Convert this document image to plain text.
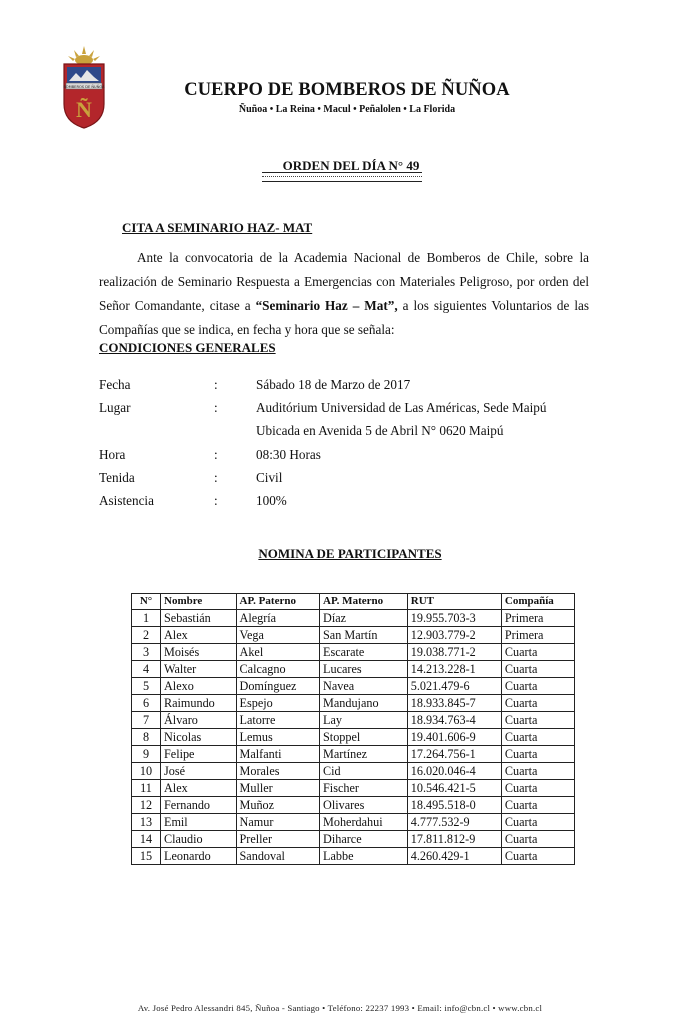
BOMBEROS DE ÑUÑOA
Ñ
CUERPO DE BOMBEROS DE ÑUÑOA
Ñuñoa • La Reina • Macul • Peñalolen • La Florida
ORDEN DEL DÍA N° 49
CITA A SEMINARIO HAZ- MAT
Ante la convocatoria de la Academia Nacional de Bomberos de Chile, sobre la realización de Seminario Respuesta a Emergencias con Materiales Peligroso, por orden del Señor Comandante, citase a “Seminario Haz – Mat”, a los siguientes Voluntarios de las Compañías que se indica, en fecha y hora que se señala:
CONDICIONES GENERALES
Fecha	:	Sábado 18 de Marzo de 2017
Lugar	:	Auditórium Universidad de Las Américas, Sede Maipú
Ubicada en Avenida 5 de Abril N° 0620 Maipú
Hora	:	08:30 Horas
Tenida	:	Civil
Asistencia	:	100%
NOMINA DE PARTICIPANTES
N°	Nombre	AP. Paterno	AP. Materno	RUT	Compañía
1	Sebastián	Alegría	Díaz	19.955.703-3	Primera
2	Alex	Vega	San Martín	12.903.779-2	Primera
3	Moisés	Akel	Escarate	19.038.771-2	Cuarta
4	Walter	Calcagno	Lucares	14.213.228-1	Cuarta
5	Alexo	Domínguez	Navea	5.021.479-6	Cuarta
6	Raimundo	Espejo	Mandujano	18.933.845-7	Cuarta
7	Álvaro	Latorre	Lay	18.934.763-4	Cuarta
8	Nicolas	Lemus	Stoppel	19.401.606-9	Cuarta
9	Felipe	Malfanti	Martínez	17.264.756-1	Cuarta
10	José	Morales	Cid	16.020.046-4	Cuarta
11	Alex	Muller	Fischer	10.546.421-5	Cuarta
12	Fernando	Muñoz	Olivares	18.495.518-0	Cuarta
13	Emil	Namur	Moherdahui	4.777.532-9	Cuarta
14	Claudio	Preller	Diharce	17.811.812-9	Cuarta
15	Leonardo	Sandoval	Labbe	4.260.429-1	Cuarta
Av. José Pedro Alessandri 845, Ñuñoa - Santiago • Teléfono: 22237 1993 • Email: info@cbn.cl • www.cbn.cl
